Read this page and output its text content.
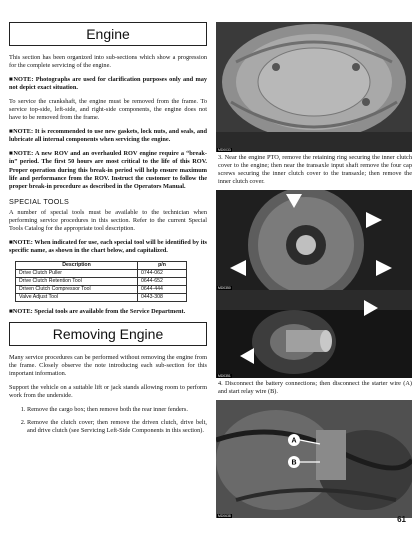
Engine

This section has been organized into sub-sections which show a progression for the complete servicing of the engine.

■NOTE: Photographs are used for clarification purposes only and may not depict exact situation.

To service the crankshaft, the engine must be removed from the frame. To service top-side, left-side, and right-side components, the engine does not have to be removed from the frame.

■NOTE: It is recommended to use new gaskets, lock nuts, and seals, and lubricate all internal components when servicing the engine.

■NOTE: A new ROV and an overhauled ROV engine require a “break-in” period. The first 50 hours are most critical to the life of this ROV. Proper operation during this break-in period will help ensure maximum life and performance from the ROV. Instruct the customer to follow the proper break-in procedure as described in the Operators Manual.

SPECIAL TOOLS

A number of special tools must be available to the technician when performing service procedures in this section. Refer to the current Special Tools Catalog for the appropriate tool description.

■NOTE: When indicated for use, each special tool will be identified by its specific name, as shown in the chart below, and capitalized.

Description	p/n
Drive Clutch Puller	0744-062
Drive Clutch Retention Tool	0644-652
Driven Clutch Compressor Tool	0644-444
Valve Adjust Tool	0443-308

■NOTE: Special tools are available from the Service Department.

Removing Engine

Many service procedures can be performed without removing the engine from the frame. Closely observe the note introducing each sub-section for this important information.

Support the vehicle on a suitable lift or jack stands allowing room to perform work from the underside.

1. Remove the cargo box; then remove both the rear inner fenders.
2. Remove the clutch cover; then remove the driven clutch, drive belt, and drive clutch (see Servicing Left-Side Components in this section).
MD0033
3. Near the engine PTO, remove the retaining ring securing the inner clutch cover to the engine; then near the transaxle input shaft remove the four cap screws securing the inner clutch cover to the transaxle; then remove the inner clutch cover.
MD0350
MD0351
4. Disconnect the battery connections; then disconnect the starter wire (A) and start relay wire (B).
A
B
MD0638	61
